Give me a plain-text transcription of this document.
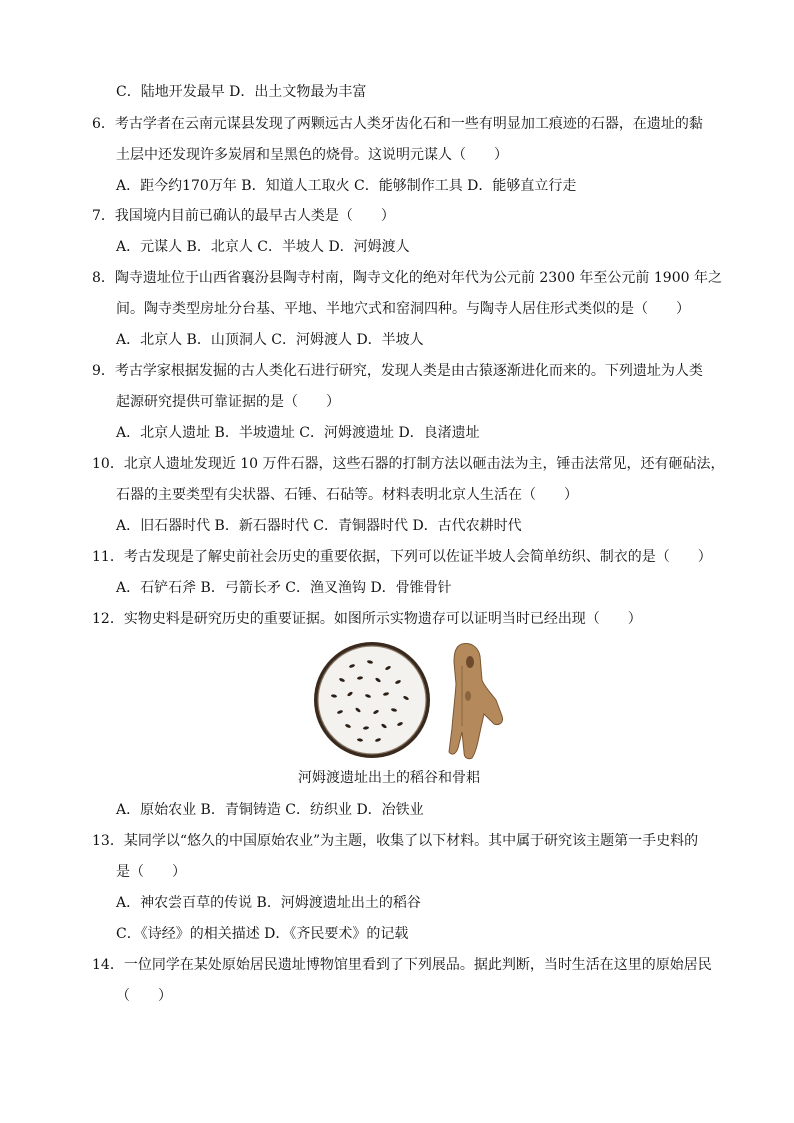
C．陆地开发最早 D．出土文物最为丰富
6．考古学者在云南元谋县发现了两颗远古人类牙齿化石和一些有明显加工痕迹的石器，在遗址的黏
土层中还发现许多炭屑和呈黑色的烧骨。这说明元谋人（　　）
A．距今约170万年 B．知道人工取火 C．能够制作工具 D．能够直立行走
7．我国境内目前已确认的最早古人类是（　　）
A．元谋人 B．北京人 C．半坡人 D．河姆渡人
8．陶寺遗址位于山西省襄汾县陶寺村南，陶寺文化的绝对年代为公元前 2300 年至公元前 1900 年之
间。陶寺类型房址分台基、平地、半地穴式和窑洞四种。与陶寺人居住形式类似的是（　　）
A．北京人 B．山顶洞人 C．河姆渡人 D．半坡人
9．考古学家根据发掘的古人类化石进行研究，发现人类是由古猿逐渐进化而来的。下列遗址为人类
起源研究提供可靠证据的是（　　）
A．北京人遗址 B．半坡遗址 C．河姆渡遗址 D．良渚遗址
10．北京人遗址发现近 10 万件石器，这些石器的打制方法以砸击法为主，锤击法常见，还有砸砧法，
石器的主要类型有尖状器、石锤、石砧等。材料表明北京人生活在（　　）
A．旧石器时代 B．新石器时代 C．青铜器时代 D．古代农耕时代
11．考古发现是了解史前社会历史的重要依据，下列可以佐证半坡人会简单纺织、制衣的是（　　）
A．石铲石斧 B．弓箭长矛 C．渔叉渔钩 D．骨锥骨针
12．实物史料是研究历史的重要证据。如图所示实物遗存可以证明当时已经出现（　　）
河姆渡遗址出土的稻谷和骨耜
A．原始农业 B．青铜铸造 C．纺织业 D．冶铁业
13．某同学以“悠久的中国原始农业”为主题，收集了以下材料。其中属于研究该主题第一手史料的
是（　　）
A．神农尝百草的传说 B．河姆渡遗址出土的稻谷
C．《诗经》的相关描述 D．《齐民要术》的记载
14．一位同学在某处原始居民遗址博物馆里看到了下列展品。据此判断，当时生活在这里的原始居民
（　　）
